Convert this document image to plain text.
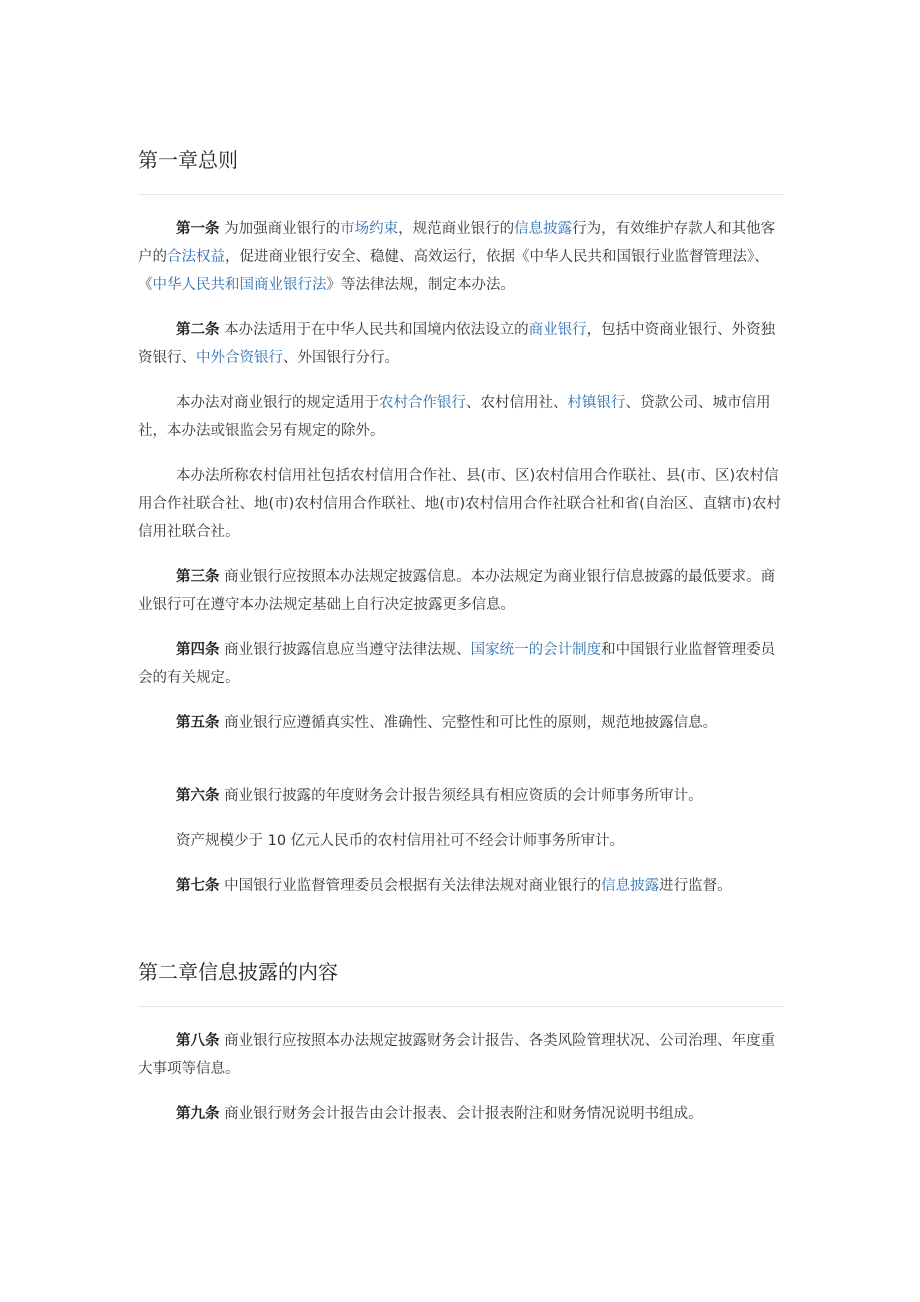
第一章总则

第一条 为加强商业银行的市场约束，规范商业银行的信息披露行为，有效维护存款人和其他客户的合法权益，促进商业银行安全、稳健、高效运行，依据《中华人民共和国银行业监督管理法》、《中华人民共和国商业银行法》等法律法规，制定本办法。

第二条 本办法适用于在中华人民共和国境内依法设立的商业银行，包括中资商业银行、外资独资银行、中外合资银行、外国银行分行。

本办法对商业银行的规定适用于农村合作银行、农村信用社、村镇银行、贷款公司、城市信用社，本办法或银监会另有规定的除外。

本办法所称农村信用社包括农村信用合作社、县(市、区)农村信用合作联社、县(市、区)农村信用合作社联合社、地(市)农村信用合作联社、地(市)农村信用合作社联合社和省(自治区、直辖市)农村信用社联合社。

第三条 商业银行应按照本办法规定披露信息。本办法规定为商业银行信息披露的最低要求。商业银行可在遵守本办法规定基础上自行决定披露更多信息。

第四条 商业银行披露信息应当遵守法律法规、国家统一的会计制度和中国银行业监督管理委员会的有关规定。

第五条 商业银行应遵循真实性、准确性、完整性和可比性的原则，规范地披露信息。

第六条 商业银行披露的年度财务会计报告须经具有相应资质的会计师事务所审计。

资产规模少于 10 亿元人民币的农村信用社可不经会计师事务所审计。

第七条 中国银行业监督管理委员会根据有关法律法规对商业银行的信息披露进行监督。

第二章信息披露的内容

第八条 商业银行应按照本办法规定披露财务会计报告、各类风险管理状况、公司治理、年度重大事项等信息。

第九条 商业银行财务会计报告由会计报表、会计报表附注和财务情况说明书组成。
